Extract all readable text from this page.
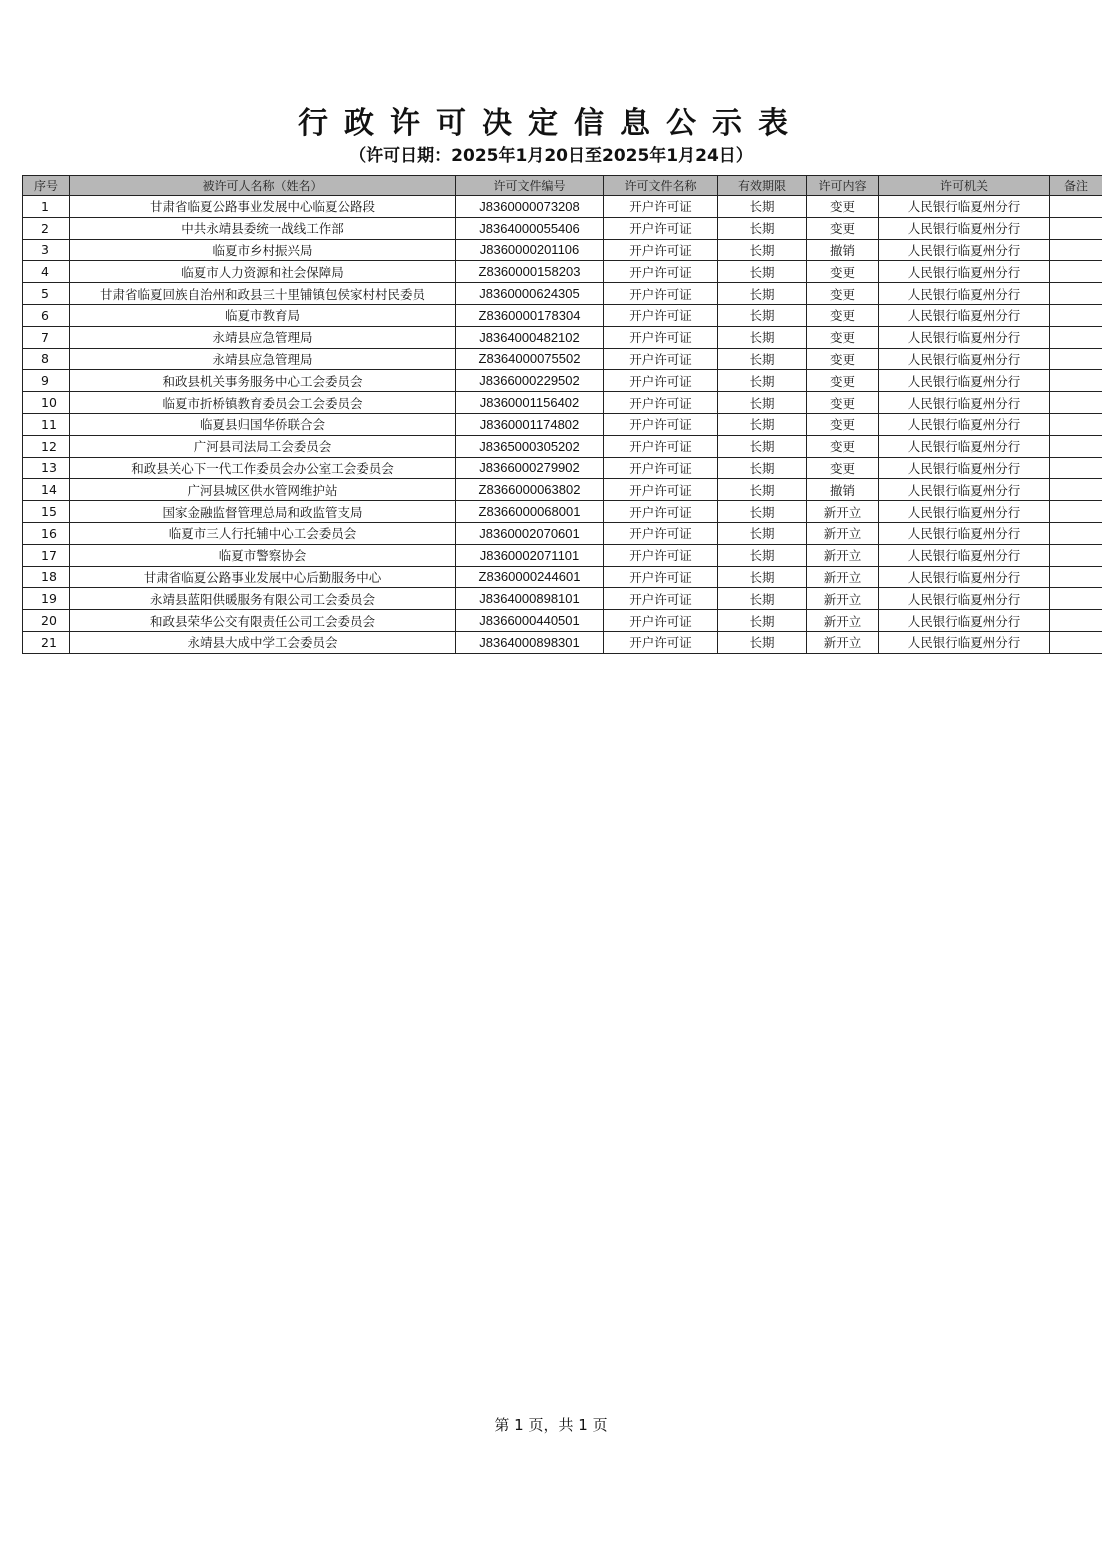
行政许可决定信息公示表
（许可日期：2025年1月20日至2025年1月24日）
序号	被许可人名称（姓名）	许可文件编号	许可文件名称	有效期限	许可内容	许可机关	备注
1	甘肃省临夏公路事业发展中心临夏公路段	J8360000073208	开户许可证	长期	变更	人民银行临夏州分行	
2	中共永靖县委统一战线工作部	J8364000055406	开户许可证	长期	变更	人民银行临夏州分行	
3	临夏市乡村振兴局	J8360000201106	开户许可证	长期	撤销	人民银行临夏州分行	
4	临夏市人力资源和社会保障局	Z8360000158203	开户许可证	长期	变更	人民银行临夏州分行	
5	甘肃省临夏回族自治州和政县三十里铺镇包侯家村村民委员	J8360000624305	开户许可证	长期	变更	人民银行临夏州分行	
6	临夏市教育局	Z8360000178304	开户许可证	长期	变更	人民银行临夏州分行	
7	永靖县应急管理局	J8364000482102	开户许可证	长期	变更	人民银行临夏州分行	
8	永靖县应急管理局	Z8364000075502	开户许可证	长期	变更	人民银行临夏州分行	
9	和政县机关事务服务中心工会委员会	J8366000229502	开户许可证	长期	变更	人民银行临夏州分行	
10	临夏市折桥镇教育委员会工会委员会	J8360001156402	开户许可证	长期	变更	人民银行临夏州分行	
11	临夏县归国华侨联合会	J8360001174802	开户许可证	长期	变更	人民银行临夏州分行	
12	广河县司法局工会委员会	J8365000305202	开户许可证	长期	变更	人民银行临夏州分行	
13	和政县关心下一代工作委员会办公室工会委员会	J8366000279902	开户许可证	长期	变更	人民银行临夏州分行	
14	广河县城区供水管网维护站	Z8366000063802	开户许可证	长期	撤销	人民银行临夏州分行	
15	国家金融监督管理总局和政监管支局	Z8366000068001	开户许可证	长期	新开立	人民银行临夏州分行	
16	临夏市三人行托辅中心工会委员会	J8360002070601	开户许可证	长期	新开立	人民银行临夏州分行	
17	临夏市警察协会	J8360002071101	开户许可证	长期	新开立	人民银行临夏州分行	
18	甘肃省临夏公路事业发展中心后勤服务中心	Z8360000244601	开户许可证	长期	新开立	人民银行临夏州分行	
19	永靖县蓝阳供暖服务有限公司工会委员会	J8364000898101	开户许可证	长期	新开立	人民银行临夏州分行	
20	和政县荣华公交有限责任公司工会委员会	J8366000440501	开户许可证	长期	新开立	人民银行临夏州分行	
21	永靖县大成中学工会委员会	J8364000898301	开户许可证	长期	新开立	人民银行临夏州分行	
第 1 页，共 1 页
